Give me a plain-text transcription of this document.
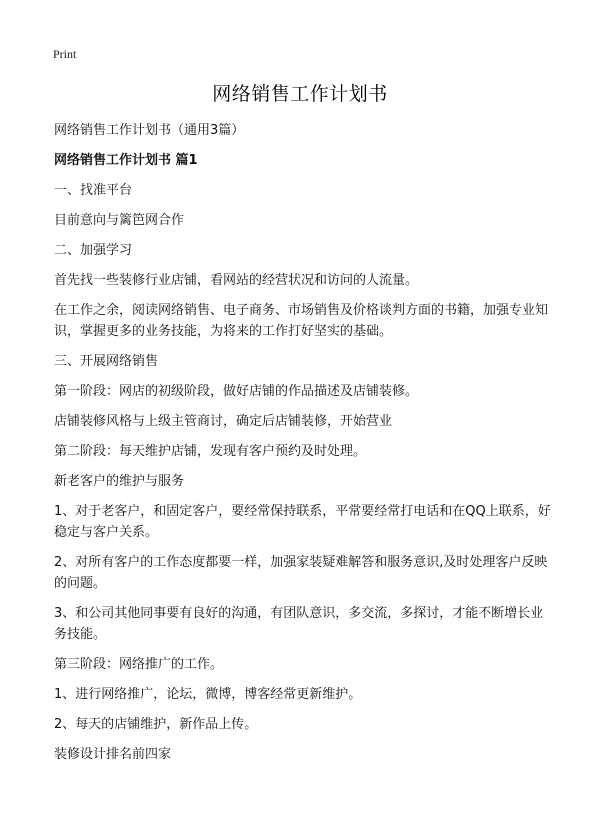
Print
网络销售工作计划书

网络销售工作计划书（通用3篇）

网络销售工作计划书 篇1

一、找准平台

目前意向与篱笆网合作

二、加强学习

首先找一些装修行业店铺，看网站的经营状况和访问的人流量。

在工作之余，阅读网络销售、电子商务、市场销售及价格谈判方面的书籍，加强专业知识，掌握更多的业务技能，为将来的工作打好坚实的基础。

三、开展网络销售

第一阶段：网店的初级阶段，做好店铺的作品描述及店铺装修。

店铺装修风格与上级主管商讨，确定后店铺装修，开始营业

第二阶段：每天维护店铺，发现有客户预约及时处理。

新老客户的维护与服务

1、对于老客户，和固定客户，要经常保持联系，平常要经常打电话和在QQ上联系，好稳定与客户关系。

2、对所有客户的工作态度都要一样，加强家装疑难解答和服务意识,及时处理客户反映的问题。

3、和公司其他同事要有良好的沟通，有团队意识，多交流，多探讨，才能不断增长业务技能。

第三阶段：网络推广的工作。

1、进行网络推广，论坛，微博，博客经常更新维护。

2、每天的店铺维护，新作品上传。

装修设计排名前四家
